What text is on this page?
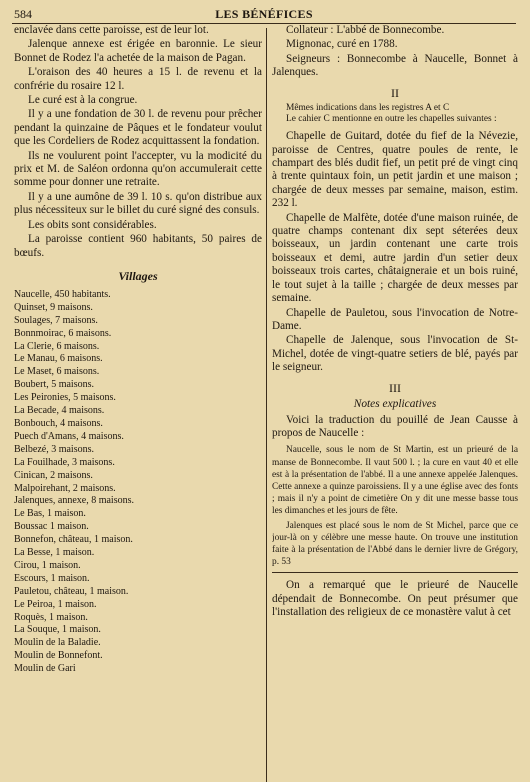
584	LES BÉNÉFICES

enclavée dans cette paroisse, est de leur lot.

Jalenque annexe est érigée en baronnie. Le sieur Bonnet de Rodez l'a achetée de la maison de Pagan.

L'oraison des 40 heures a 15 l. de revenu et la confrérie du rosaire 12 l.

Le curé est à la congrue.

Il y a une fondation de 30 l. de revenu pour prêcher pendant la quinzaine de Pâques et le fondateur voulut que les Cordeliers de Rodez acquittassent la fondation.

Ils ne voulurent point l'accepter, vu la modicité du prix et M. de Saléon ordonna qu'on accumulerait cette somme pour donner une retraite.

Il y a une aumône de 39 l. 10 s. qu'on distribue aux plus nécessiteux sur le billet du curé signé des consuls.

Les obits sont considérables.

La paroisse contient 960 habitants, 50 paires de bœufs.

Villages
Naucelle, 450 habitants.
Quinset, 9 maisons.
Soulages, 7 maisons.
Bonnmoirac, 6 maisons.
La Clerie, 6 maisons.
Le Manau, 6 maisons.
Le Maset, 6 maisons.
Boubert, 5 maisons.
Les Peironies, 5 maisons.
La Becade, 4 maisons.
Bonbouch, 4 maisons.
Puech d'Amans, 4 maisons.
Belbezé, 3 maisons.
La Fouilhade, 3 maisons.
Cinican, 2 maisons.
Malpoirehant, 2 maisons.
Jalenques, annexe, 8 maisons.
Le Bas, 1 maison.
Boussac 1 maison.
Bonnefon, château, 1 maison.
La Besse, 1 maison.
Cirou, 1 maison.
Escours, 1 maison.
Pauletou, château, 1 maison.
Le Peiroa, 1 maison.
Roquès, 1 maison.
La Souque, 1 maison.
Moulin de la Baladie.
Moulin de Bonnefont.
Moulin de Gari

Collateur : L'abbé de Bonnecombe.

Mignonac, curé en 1788.

Seigneurs : Bonnecombe à Naucelle, Bonnet à Jalenques.

II

Mêmes indications dans les registres A et C

Le cahier C mentionne en outre les chapelles suivantes :

Chapelle de Guitard, dotée du fief de la Névezie, paroisse de Centres, quatre poules de rente, le champart des blés dudit fief, un petit pré de vingt cinq à trente quintaux foin, un petit jardin et une maison ; chargée de deux messes par semaine, maison, estim. 232 l.

Chapelle de Malfète, dotée d'une maison ruinée, de quatre champs contenant dix sept séterées deux boisseaux, un jardin contenant une carte trois boisseaux et demi, autre jardin d'un setier deux boisseaux trois cartes, châtaigneraie et un bois ruiné, le tout sujet à la taille ; chargée de deux messes par semaine.

Chapelle de Pauletou, sous l'invocation de Notre-Dame.

Chapelle de Jalenque, sous l'invocation de St-Michel, dotée de vingt-quatre setiers de blé, payés par le seigneur.

III
Notes explicatives

Voici la traduction du pouillé de Jean Causse à propos de Naucelle :

Naucelle, sous le nom de St Martin, est un prieuré de la manse de Bonnecombe. Il vaut 500 l. ; la cure en vaut 40 et elle est à la présentation de l'abbé. Il a une annexe appelée Jalenques. Cette annexe a quinze paroissiens. Il y a une église avec des fonts ; mais il n'y a point de cimetière On y dit une messe basse tous les dimanches et les jours de fête.

Jalenques est placé sous le nom de St Michel, parce que ce jour-là on y célèbre une messe haute. On trouve une institution faite à la présentation de l'Abbé dans le dernier livre de Grégory, p. 53

On a remarqué que le prieuré de Naucelle dépendait de Bonnecombe. On peut présumer que l'installation des religieux de ce monastère valut à cet
